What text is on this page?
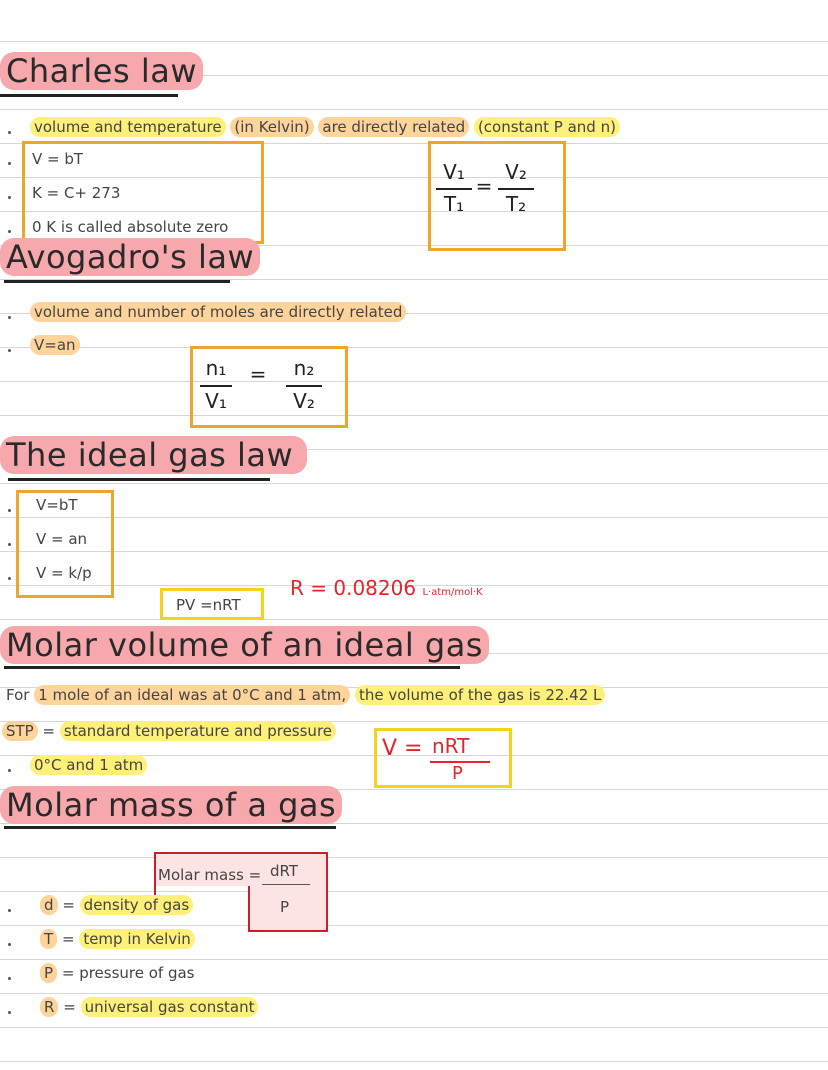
Charles law
volume and temperature (in Kelvin) are directly related (constant P and n)
V = bT
K = C+ 273
0 K is called absolute zero
V₁
T₁
=
V₂
T₂
Avogadro's law
volume and number of moles are directly related
V=an
n₁
V₁
=	n₂
V₂
The ideal gas law
V=bT
V = an
V = k/p
PV =nRT
R = 0.08206 L·atm/mol·K
Molar volume of an ideal gas
For 1 mole of an ideal was at 0°C and 1 atm, the volume of the gas is 22.42 L
STP = standard temperature and pressure
0°C and 1 atm
V = nRT
P
Molar mass of a gas
Molar mass = dRT
P
d = density of gas
T = temp in Kelvin
P = pressure of gas
R = universal gas constant
